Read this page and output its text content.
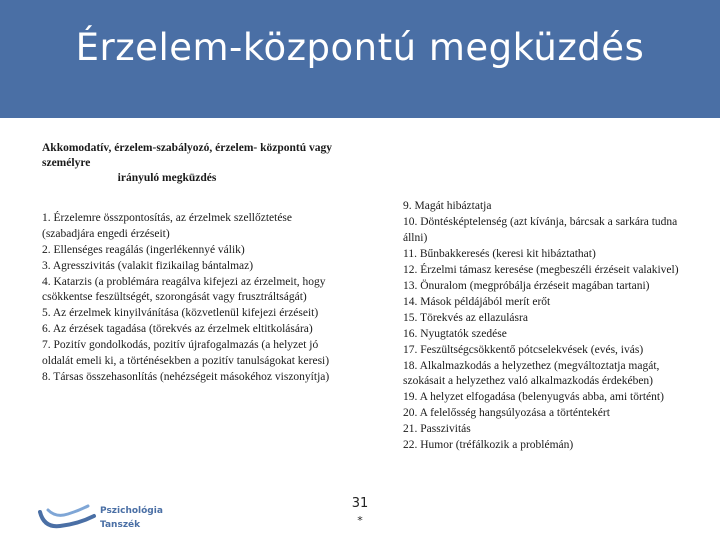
Érzelem-központú megküzdés
Akkomodatív, érzelem-szabályozó, érzelem- központú vagy személyre
irányuló megküzdés
1. Érzelemre összpontosítás, az érzelmek szellőztetése (szabadjára engedi érzéseit)
2. Ellenséges reagálás (ingerlékennyé válik)
3. Agresszivitás (valakit fizikailag bántalmaz)
4. Katarzis (a problémára reagálva kifejezi az érzelmeit, hogy csökkentse feszültségét, szorongását vagy frusztráltságát)
5. Az érzelmek kinyilvánítása (közvetlenül kifejezi érzéseit)
6. Az érzések tagadása (törekvés az érzelmek eltitkolására)
7. Pozitív gondolkodás, pozitív újrafogalmazás (a helyzet jó oldalát emeli ki, a történésekben a pozitív tanulságokat keresi)
8. Társas összehasonlítás (nehézségeit másokéhoz viszonyítja)
9. Magát hibáztatja
10. Döntésképtelenség (azt kívánja, bárcsak a sarkára tudna állni)
11. Bűnbakkeresés (keresi kit hibáztathat)
12. Érzelmi támasz keresése (megbeszéli érzéseit valakivel)
13. Önuralom (megpróbálja érzéseit magában tartani)
14. Mások példájából merít erőt
15. Törekvés az ellazulásra
16. Nyugtatók szedése
17. Feszültségcsökkentő pótcselekvések (evés, ivás)
18. Alkalmazkodás a helyzethez (megváltoztatja magát, szokásait a helyzethez való alkalmazkodás érdekében)
19. A helyzet elfogadása (belenyugvás abba, ami történt)
20. A felelősség hangsúlyozása a történtekért
21. Passzivitás
22. Humor (tréfálkozik a problémán)
Pszichológia
Tanszék
31
*
